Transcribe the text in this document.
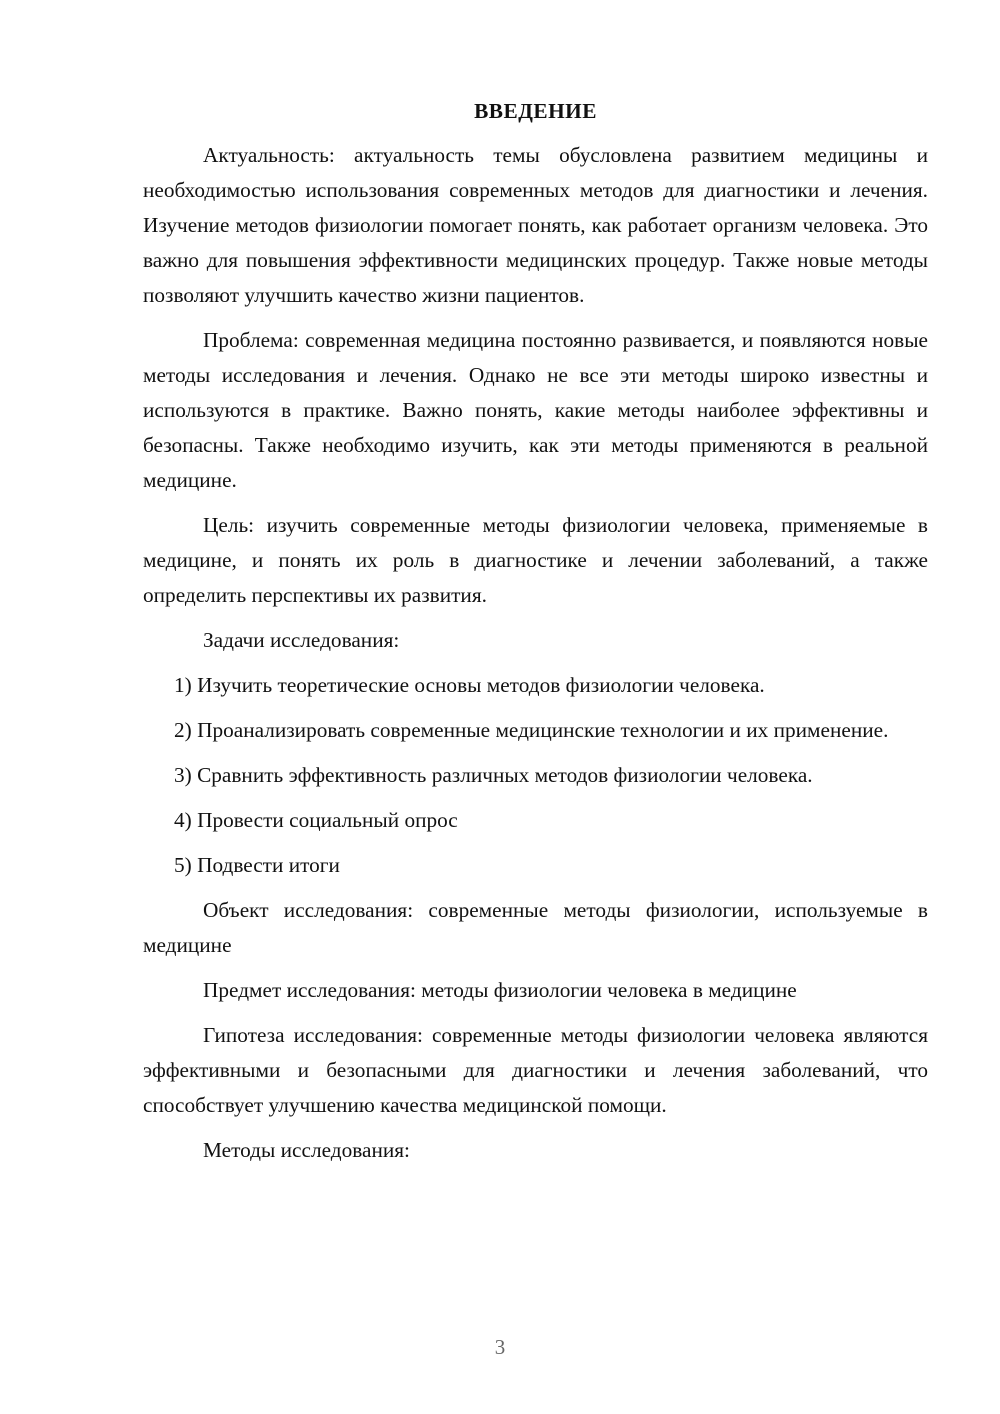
ВВЕДЕНИЕ

Актуальность: актуальность темы обусловлена развитием медицины и необходимостью использования современных методов для диагностики и лечения. Изучение методов физиологии помогает понять, как работает организм человека. Это важно для повышения эффективности медицинских процедур. Также новые методы позволяют улучшить качество жизни пациентов.

Проблема: современная медицина постоянно развивается, и появляются новые методы исследования и лечения. Однако не все эти методы широко известны и используются в практике. Важно понять, какие методы наиболее эффективны и безопасны. Также необходимо изучить, как эти методы применяются в реальной медицине.

Цель: изучить современные методы физиологии человека, применяемые в медицине, и понять их роль в диагностике и лечении заболеваний, а также определить перспективы их развития.

Задачи исследования:

1) Изучить теоретические основы методов физиологии человека.

2) Проанализировать современные медицинские технологии и их применение.

3) Сравнить эффективность различных методов физиологии человека.

4) Провести социальный опрос

5) Подвести итоги

Объект исследования: современные методы физиологии, используемые в медицине

Предмет исследования: методы физиологии человека в медицине

Гипотеза исследования: современные методы физиологии человека являются эффективными и безопасными для диагностики и лечения заболеваний, что способствует улучшению качества медицинской помощи.

Методы исследования:

3
